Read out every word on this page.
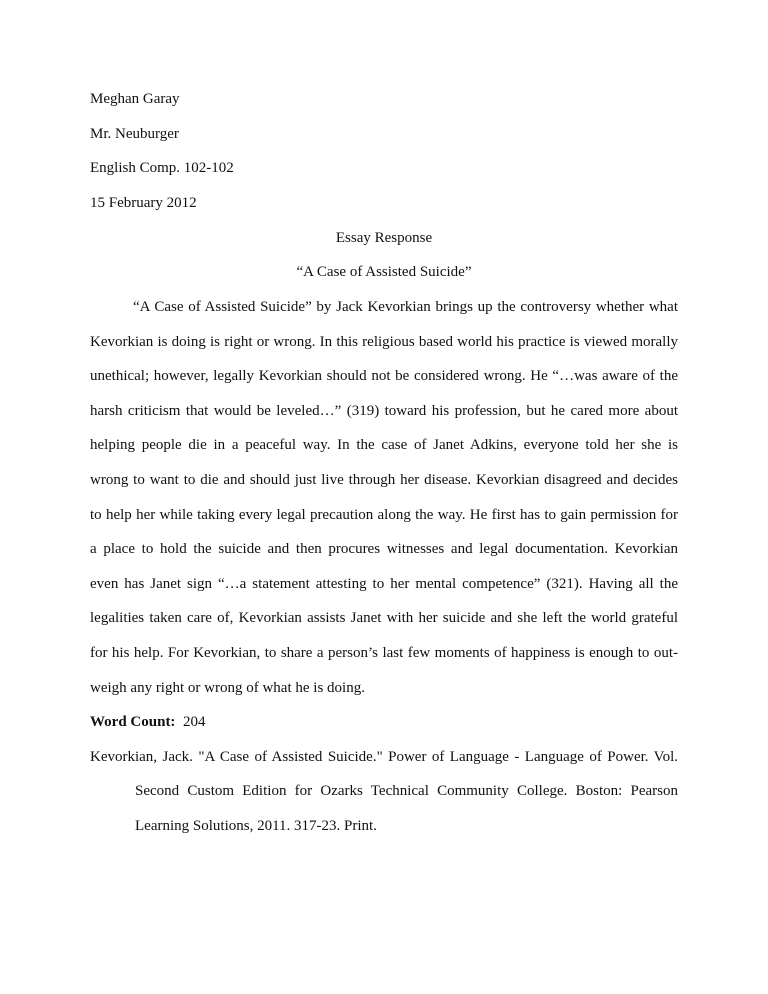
Meghan Garay

Mr. Neuburger

English Comp. 102-102

15 February 2012

Essay Response

“A Case of Assisted Suicide”

“A Case of Assisted Suicide” by Jack Kevorkian brings up the controversy whether what

Kevorkian is doing is right or wrong. In this religious based world his practice is viewed morally

unethical; however, legally Kevorkian should not be considered wrong. He “…was aware of the

harsh criticism that would be leveled…” (319) toward his profession, but he cared more about

helping people die in a peaceful way. In the case of Janet Adkins, everyone told her she is

wrong to want to die and should just live through her disease. Kevorkian disagreed and decides

to help her while taking every legal precaution along the way. He first has to gain permission for

a place to hold the suicide and then procures witnesses and legal documentation. Kevorkian

even has Janet sign “…a statement attesting to her mental competence” (321). Having all the

legalities taken care of, Kevorkian assists Janet with her suicide and she left the world grateful

for his help. For Kevorkian, to share a person’s last few moments of happiness is enough to out-

weigh any right or wrong of what he is doing.

Word Count: 204

Kevorkian, Jack. "A Case of Assisted Suicide." Power of Language - Language of Power. Vol.

Second Custom Edition for Ozarks Technical Community College. Boston: Pearson

Learning Solutions, 2011. 317-23. Print.
